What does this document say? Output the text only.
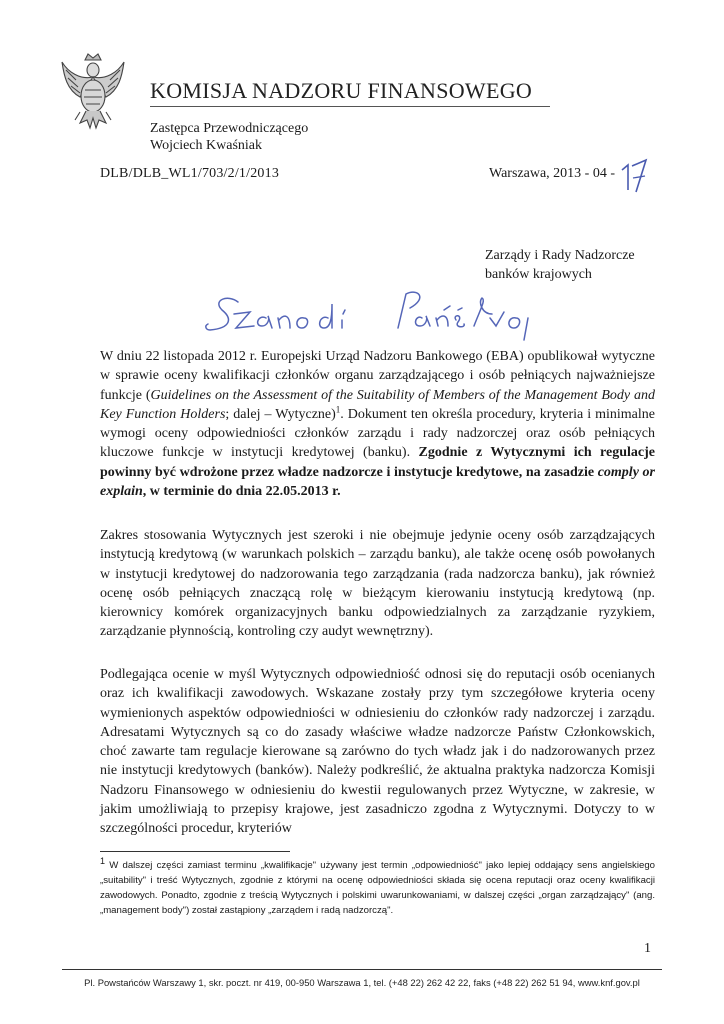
KOMISJA NADZORU FINANSOWEGO
Zastępca Przewodniczącego
Wojciech Kwaśniak
DLB/DLB_WL1/703/2/1/2013	Warszawa, 2013 - 04 -
Zarządy i Rady Nadzorcze
banków krajowych

W dniu 22 listopada 2012 r. Europejski Urząd Nadzoru Bankowego (EBA) opublikował wytyczne w sprawie oceny kwalifikacji członków organu zarządzającego i osób pełniących najważniejsze funkcje (Guidelines on the Assessment of the Suitability of Members of the Management Body and Key Function Holders; dalej – Wytyczne)$^1$. Dokument ten określa procedury, kryteria i minimalne wymogi oceny odpowiedniości członków zarządu i rady nadzorczej oraz osób pełniących kluczowe funkcje w instytucji kredytowej (banku). Zgodnie z Wytycznymi ich regulacje powinny być wdrożone przez władze nadzorcze i instytucje kredytowe, na zasadzie comply or explain, w terminie do dnia 22.05.2013 r.

Zakres stosowania Wytycznych jest szeroki i nie obejmuje jedynie oceny osób zarządzających instytucją kredytową (w warunkach polskich – zarządu banku), ale także ocenę osób powołanych w instytucji kredytowej do nadzorowania tego zarządzania (rada nadzorcza banku), jak również ocenę osób pełniących znaczącą rolę w bieżącym kierowaniu instytucją kredytową (np. kierownicy komórek organizacyjnych banku odpowiedzialnych za zarządzanie ryzykiem, zarządzanie płynnością, kontroling czy audyt wewnętrzny).

Podlegająca ocenie w myśl Wytycznych odpowiedniość odnosi się do reputacji osób ocenianych oraz ich kwalifikacji zawodowych. Wskazane zostały przy tym szczegółowe kryteria oceny wymienionych aspektów odpowiedniości w odniesieniu do członków rady nadzorczej i zarządu. Adresatami Wytycznych są co do zasady właściwe władze nadzorcze Państw Członkowskich, choć zawarte tam regulacje kierowane są zarówno do tych władz jak i do nadzorowanych przez nie instytucji kredytowych (banków). Należy podkreślić, że aktualna praktyka nadzorcza Komisji Nadzoru Finansowego w odniesieniu do kwestii regulowanych przez Wytyczne, w zakresie, w jakim umożliwiają to przepisy krajowe, jest zasadniczo zgodna z Wytycznymi. Dotyczy to w szczególności procedur, kryteriów

$^1$ W dalszej części zamiast terminu „kwalifikacje" używany jest termin „odpowiedniość" jako lepiej oddający sens angielskiego „suitability" i treść Wytycznych, zgodnie z którymi na ocenę odpowiedniości składa się ocena reputacji oraz oceny kwalifikacji zawodowych. Ponadto, zgodnie z treścią Wytycznych i polskimi uwarunkowaniami, w dalszej części „organ zarządzający" (ang. „management body") został zastąpiony „zarządem i radą nadzorczą".

1
Pl. Powstańców Warszawy 1, skr. poczt. nr 419, 00-950 Warszawa 1, tel. (+48 22) 262 42 22, faks (+48 22) 262 51 94, www.knf.gov.pl
